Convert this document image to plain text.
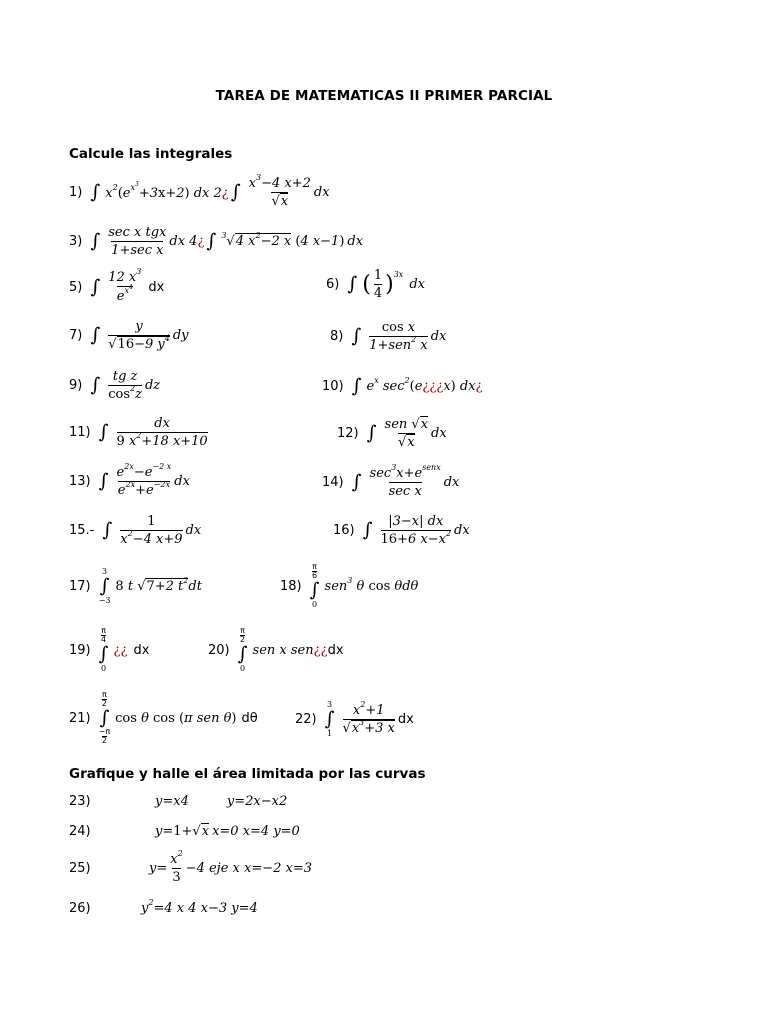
TAREA DE MATEMATICAS II PRIMER PARCIAL
Calcule las integrales
1) ∫ $x^2(e^{x^3}+3x+2)$ dx 2¿ ∫ $\frac{x^3-4 x+2}{√x}$ dx
3) ∫ $\frac{\text{sec x tgx}}{\text{1+sec x}}$ dx 4¿ ∫ $^3$√4 $x^2-2$ x (4 x−1) dx
5) ∫ $\frac{12 x^3}{e^{x^4}}$ dx	6) ∫ ( $\frac{1}{4}$ ) 3x
dx
7) ∫ $\frac{y}{√16-9 y^4}$ dy	8) ∫ $\frac{\text{cos x}}{1+sen^2 x}$ dx
9) ∫ $\frac{\text{tg z}}{\cos^2z}$ dz	10) ∫ $e^x$ $\sec^2(e¿¿¿x)$ dx¿
11) ∫ $\frac{dx}{9 x^2+18 x+10}$	12) ∫ $\frac{\text{sen √x}}{√x}$ dx
13) ∫ $\frac{e^{2x}-e^{-2 x}}{e^{2x}+e^{-2x}}$ dx	14) ∫ $\frac{\sec^3x+e^{senx}}{\text{sec x}}$ dx
15.- ∫ $\frac{1}{x^2-4 x+9}$ dx	16) ∫ $\frac{|3-x| dx}{16+6 x-x^2}$ dx
17)
3
∫
−3
8 t √7+2 $t^2$ dt	18)
π
6
∫
0
sen$^3$ θ cos θ dθ
19)
π
4
∫
0
¿¿ dx	20)
π
2
∫
0
sen x sen¿¿ dx
21)
π
2
∫
−π
2
cos θ cos (π sen θ) dθ	22)
3
∫
$1 \frac{x^2+1}{√x^3+3 x}$ dx
Grafique y halle el área limitada por las curvas
23)	y=x 4	y=2x−x 2
24)	y=1+√x x=0 x=4 y=0
25)	$y= \frac{x^2}{3} -4$ eje x x=−2 x=3
26)	$y^2 =4$ x 4 x−3 y=4
